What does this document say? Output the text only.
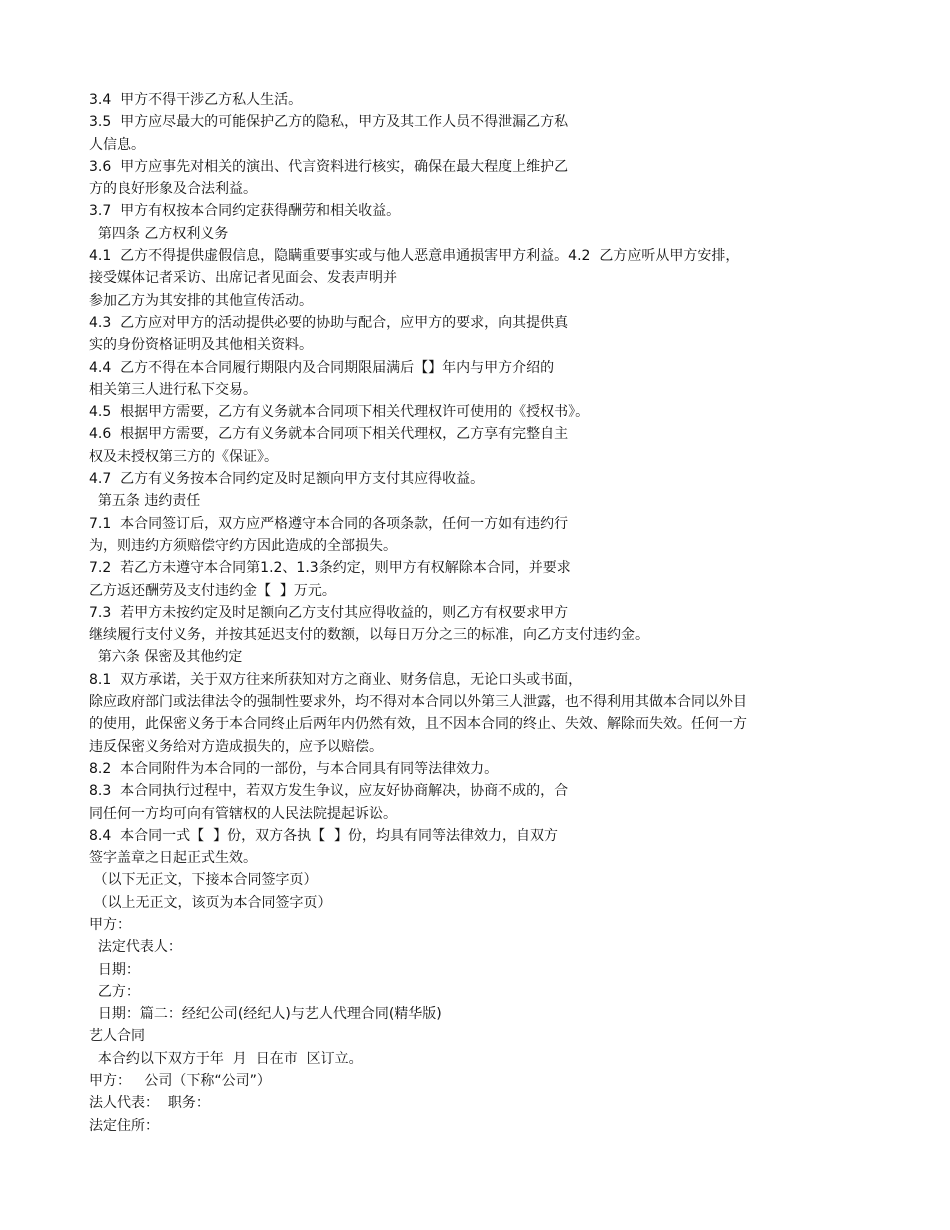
3.4  甲方不得干涉乙方私人生活。
3.5  甲方应尽最大的可能保护乙方的隐私，甲方及其工作人员不得泄漏乙方私
人信息。
3.6  甲方应事先对相关的演出、代言资料进行核实，确保在最大程度上维护乙
方的良好形象及合法利益。
3.7  甲方有权按本合同约定获得酬劳和相关收益。
第四条 乙方权利义务
4.1  乙方不得提供虚假信息，隐瞒重要事实或与他人恶意串通损害甲方利益。4.2  乙方应听从甲方安排，
接受媒体记者采访、出席记者见面会、发表声明并
参加乙方为其安排的其他宣传活动。
4.3  乙方应对甲方的活动提供必要的协助与配合，应甲方的要求，向其提供真
实的身份资格证明及其他相关资料。
4.4  乙方不得在本合同履行期限内及合同期限届满后【】年内与甲方介绍的
相关第三人进行私下交易。
4.5  根据甲方需要，乙方有义务就本合同项下相关代理权许可使用的《授权书》。
4.6  根据甲方需要，乙方有义务就本合同项下相关代理权，乙方享有完整自主
权及未授权第三方的《保证》。
4.7  乙方有义务按本合同约定及时足额向甲方支付其应得收益。
第五条 违约责任
7.1  本合同签订后，双方应严格遵守本合同的各项条款，任何一方如有违约行
为，则违约方须赔偿守约方因此造成的全部损失。
7.2  若乙方未遵守本合同第1.2、1.3条约定，则甲方有权解除本合同，并要求
乙方返还酬劳及支付违约金【  】万元。
7.3  若甲方未按约定及时足额向乙方支付其应得收益的，则乙方有权要求甲方
继续履行支付义务，并按其延迟支付的数额，以每日万分之三的标准，向乙方支付违约金。
第六条 保密及其他约定
8.1  双方承诺，关于双方往来所获知对方之商业、财务信息，无论口头或书面，
除应政府部门或法律法令的强制性要求外，均不得对本合同以外第三人泄露，也不得利用其做本合同以外目
的使用，此保密义务于本合同终止后两年内仍然有效，且不因本合同的终止、失效、解除而失效。任何一方
违反保密义务给对方造成损失的，应予以赔偿。
8.2  本合同附件为本合同的一部份，与本合同具有同等法律效力。
8.3  本合同执行过程中，若双方发生争议，应友好协商解决，协商不成的，合
同任何一方均可向有管辖权的人民法院提起诉讼。
8.4  本合同一式【  】份，双方各执【  】份，均具有同等法律效力，自双方
签字盖章之日起正式生效。
（以下无正文，下接本合同签字页）
（以上无正文，该页为本合同签字页）
甲方：
法定代表人：
日期：
乙方：
日期：篇二：经纪公司(经纪人)与艺人代理合同(精华版)
艺人合同
本合约以下双方于年  月  日在市  区订立。
甲方：   公司（下称“公司”）
法人代表：  职务：
法定住所：
